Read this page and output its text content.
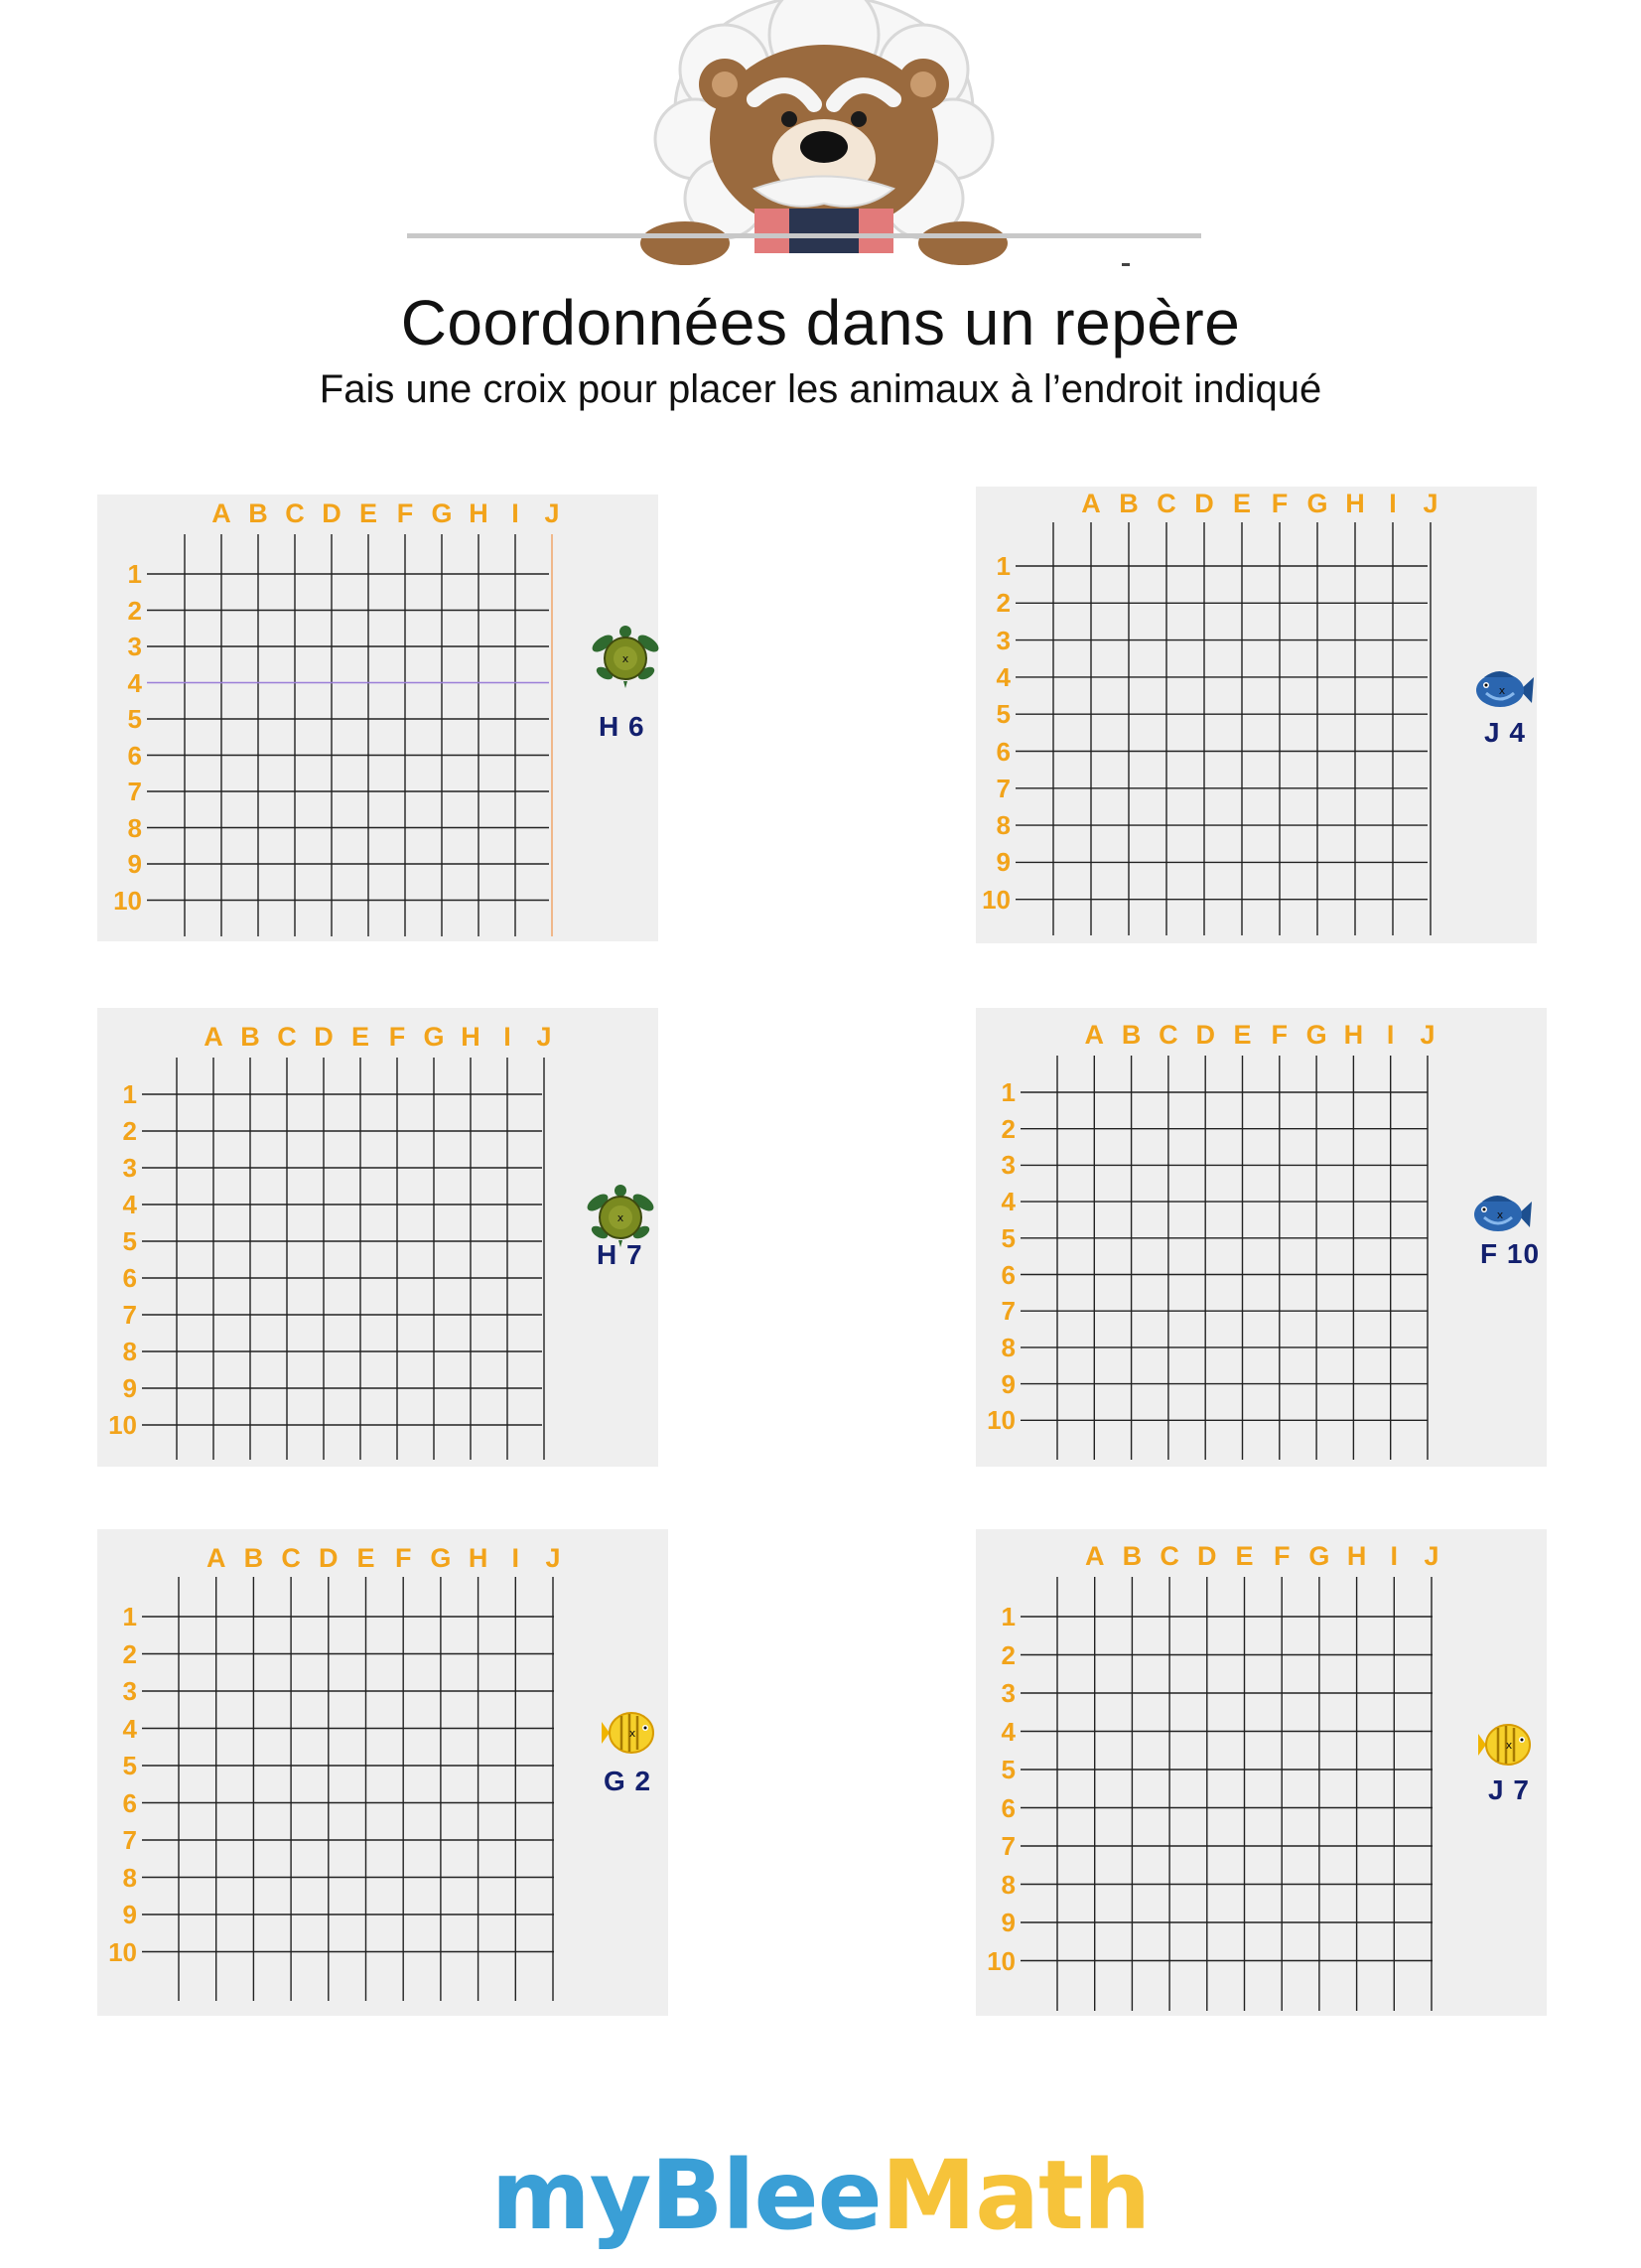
Coordonnées dans un repère
Fais une croix pour placer les animaux à l’endroit indiqué
A B C D E F G H I J
1
2
3
4
5
6
7
8
9
10
x
H 6
A B C D E F G H I J
1
2
3
4
5
6
7
8
9
10
x
J 4
A B C D E F G H I J
1
2
3
4
5
6
7
8
9
10
x
H 7
A B C D E F G H I J
1
2
3
4
5
6
7
8
9
10
x
F 10
A B C D E F G H I J
1
2
3
4
5
6
7
8
9
10
x
G 2
A B C D E F G H I J
1
2
3
4
5
6
7
8
9
10
x
J 7
myBleeMath
